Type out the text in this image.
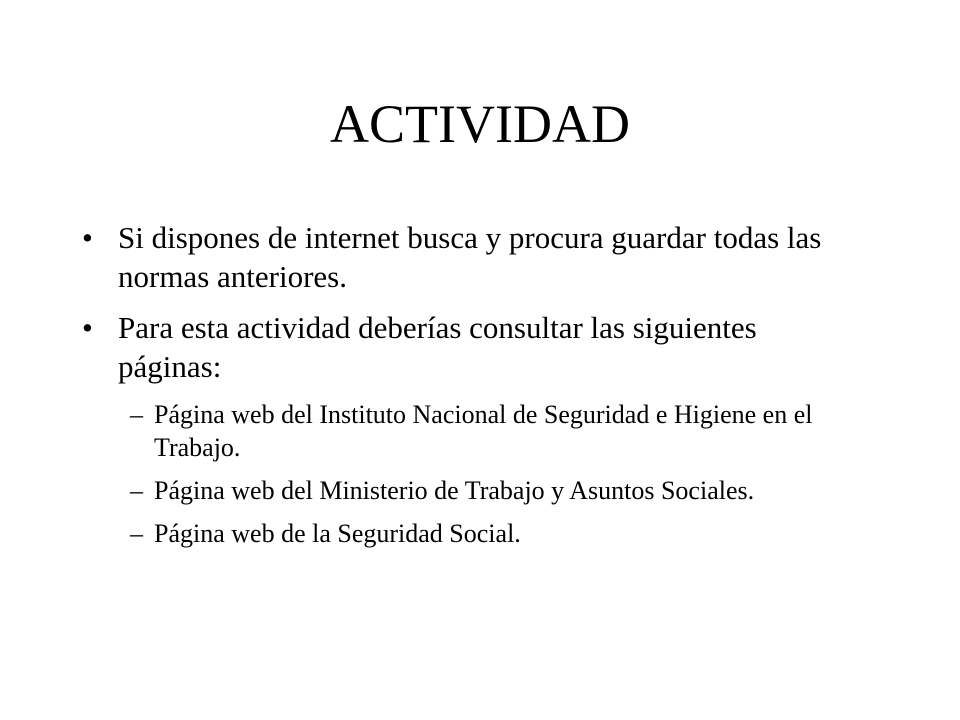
ACTIVIDAD
• Si dispones de internet busca y procura guardar todas las normas anteriores.
• Para esta actividad deberías consultar las siguientes páginas:
– Página web del Instituto Nacional de Seguridad e Higiene en el Trabajo.
– Página web del Ministerio de Trabajo y Asuntos Sociales.
– Página web de la Seguridad Social.
